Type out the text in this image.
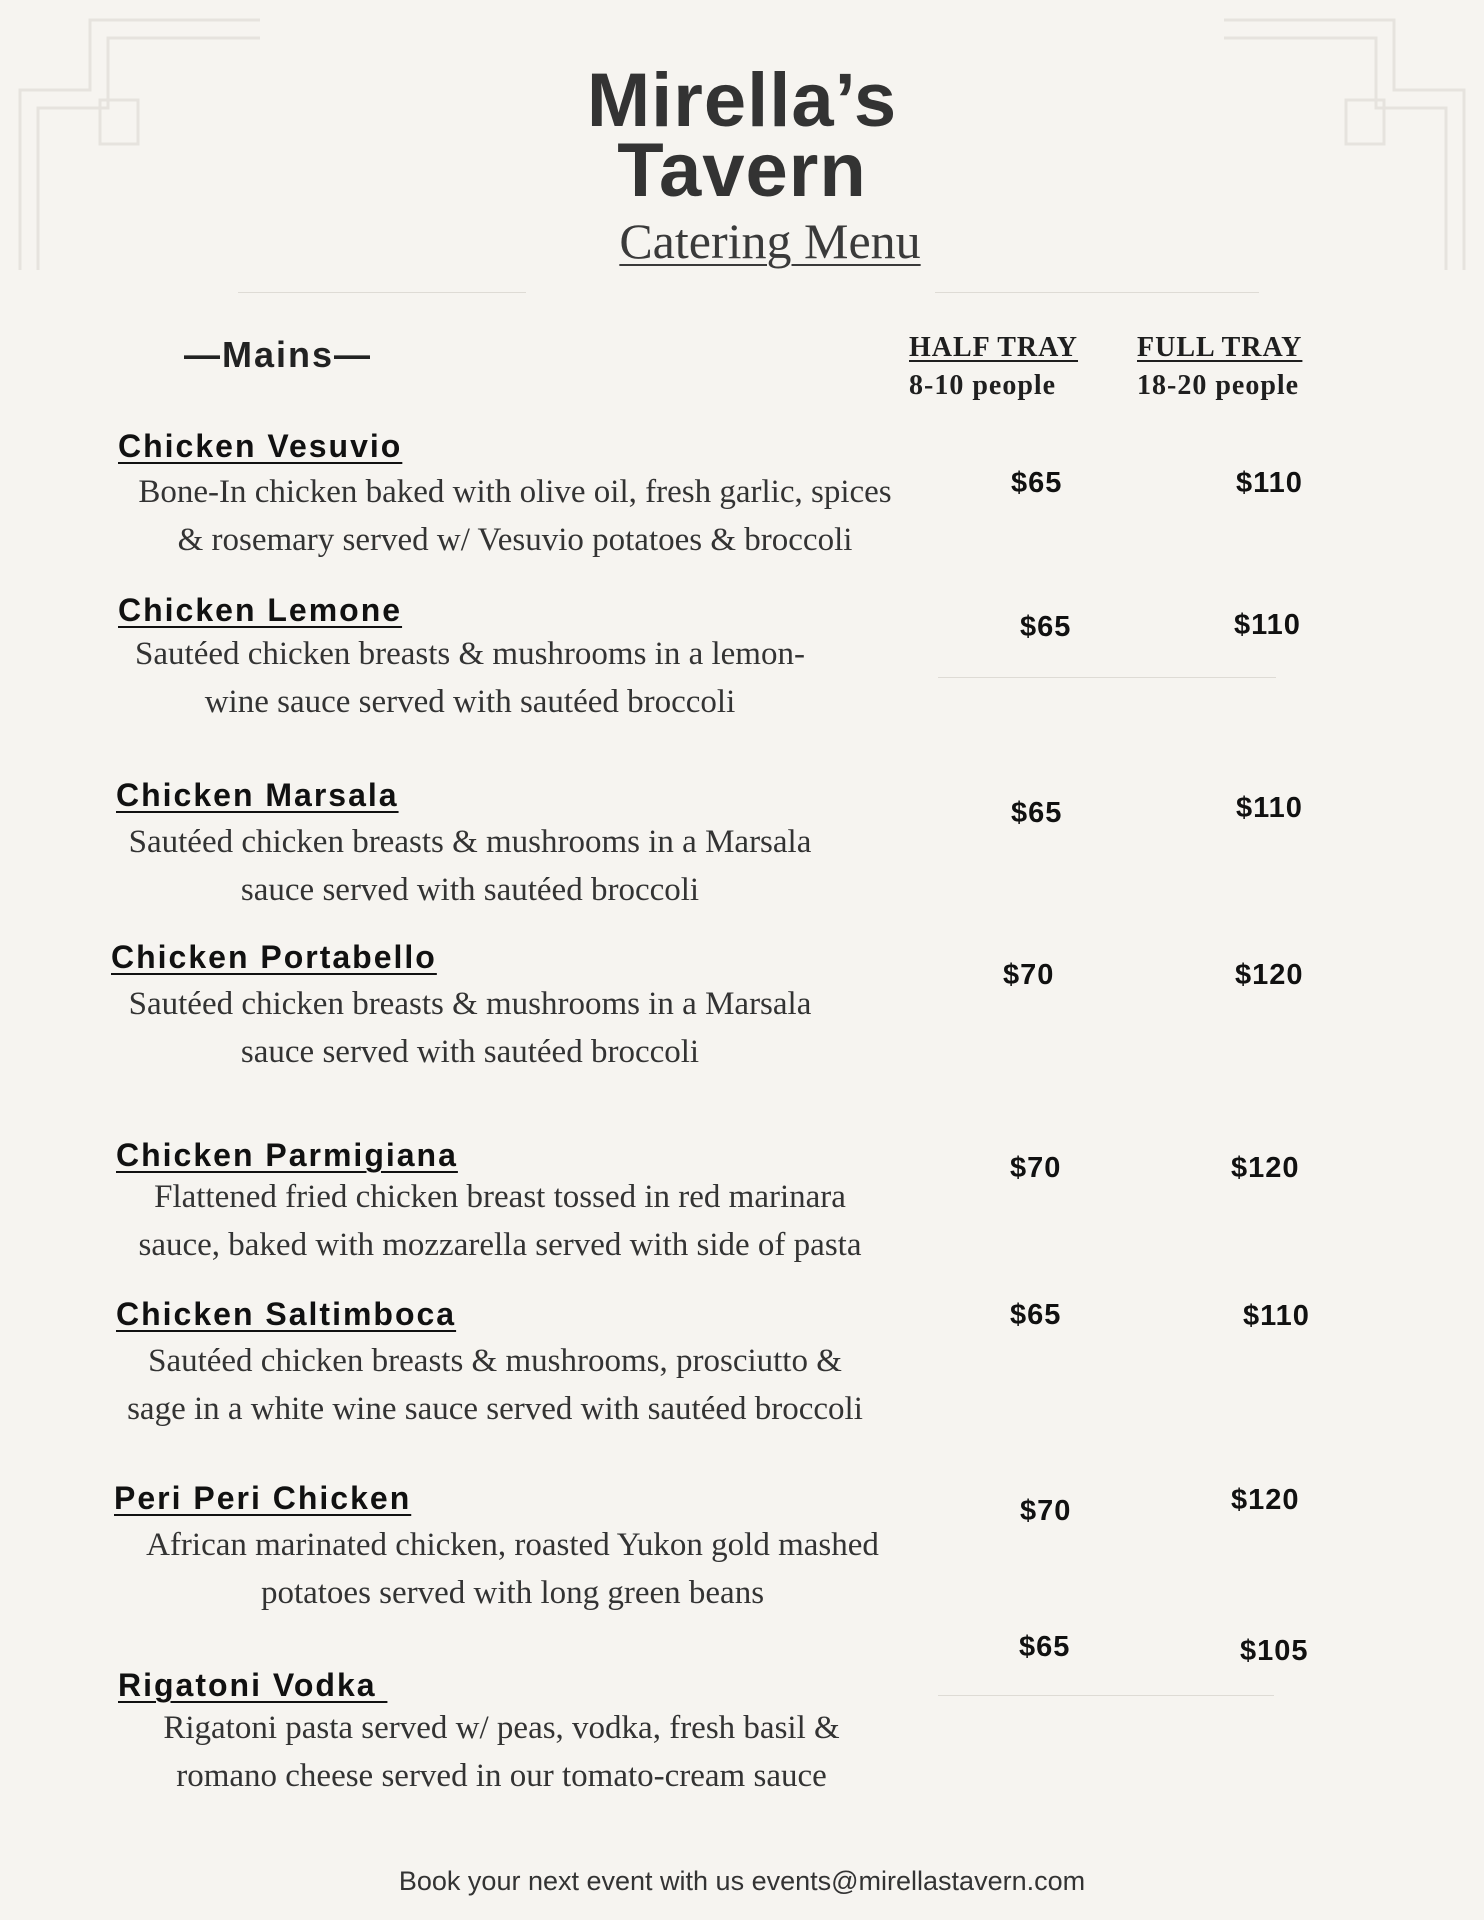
Mirella’s
Tavern
Catering Menu
—Mains—	HALF TRAY
8-10 people
FULL TRAY
18-20 people
Chicken Vesuvio
Bone-In chicken baked with olive oil, fresh garlic, spices
& rosemary served w/ Vesuvio potatoes & broccoli
$65	$110
Chicken Lemone
Sautéed chicken breasts & mushrooms in a lemon-
wine sauce served with sautéed broccoli
$65	$110
Chicken Marsala
Sautéed chicken breasts & mushrooms in a Marsala
sauce served with sautéed broccoli
$65	$110
Chicken Portabello
Sautéed chicken breasts & mushrooms in a Marsala
sauce served with sautéed broccoli
$70	$120
Chicken Parmigiana
Flattened fried chicken breast tossed in red marinara
sauce, baked with mozzarella served with side of pasta
$70	$120
Chicken Saltimboca
Sautéed chicken breasts & mushrooms, prosciutto &
sage in a white wine sauce served with sautéed broccoli
$65	$110
Peri Peri Chicken
African marinated chicken, roasted Yukon gold mashed
potatoes served with long green beans
$70	$120
Rigatoni Vodka
Rigatoni pasta served w/ peas, vodka, fresh basil &
romano cheese served in our tomato-cream sauce
$65	$105
Book your next event with us events@mirellastavern.com
